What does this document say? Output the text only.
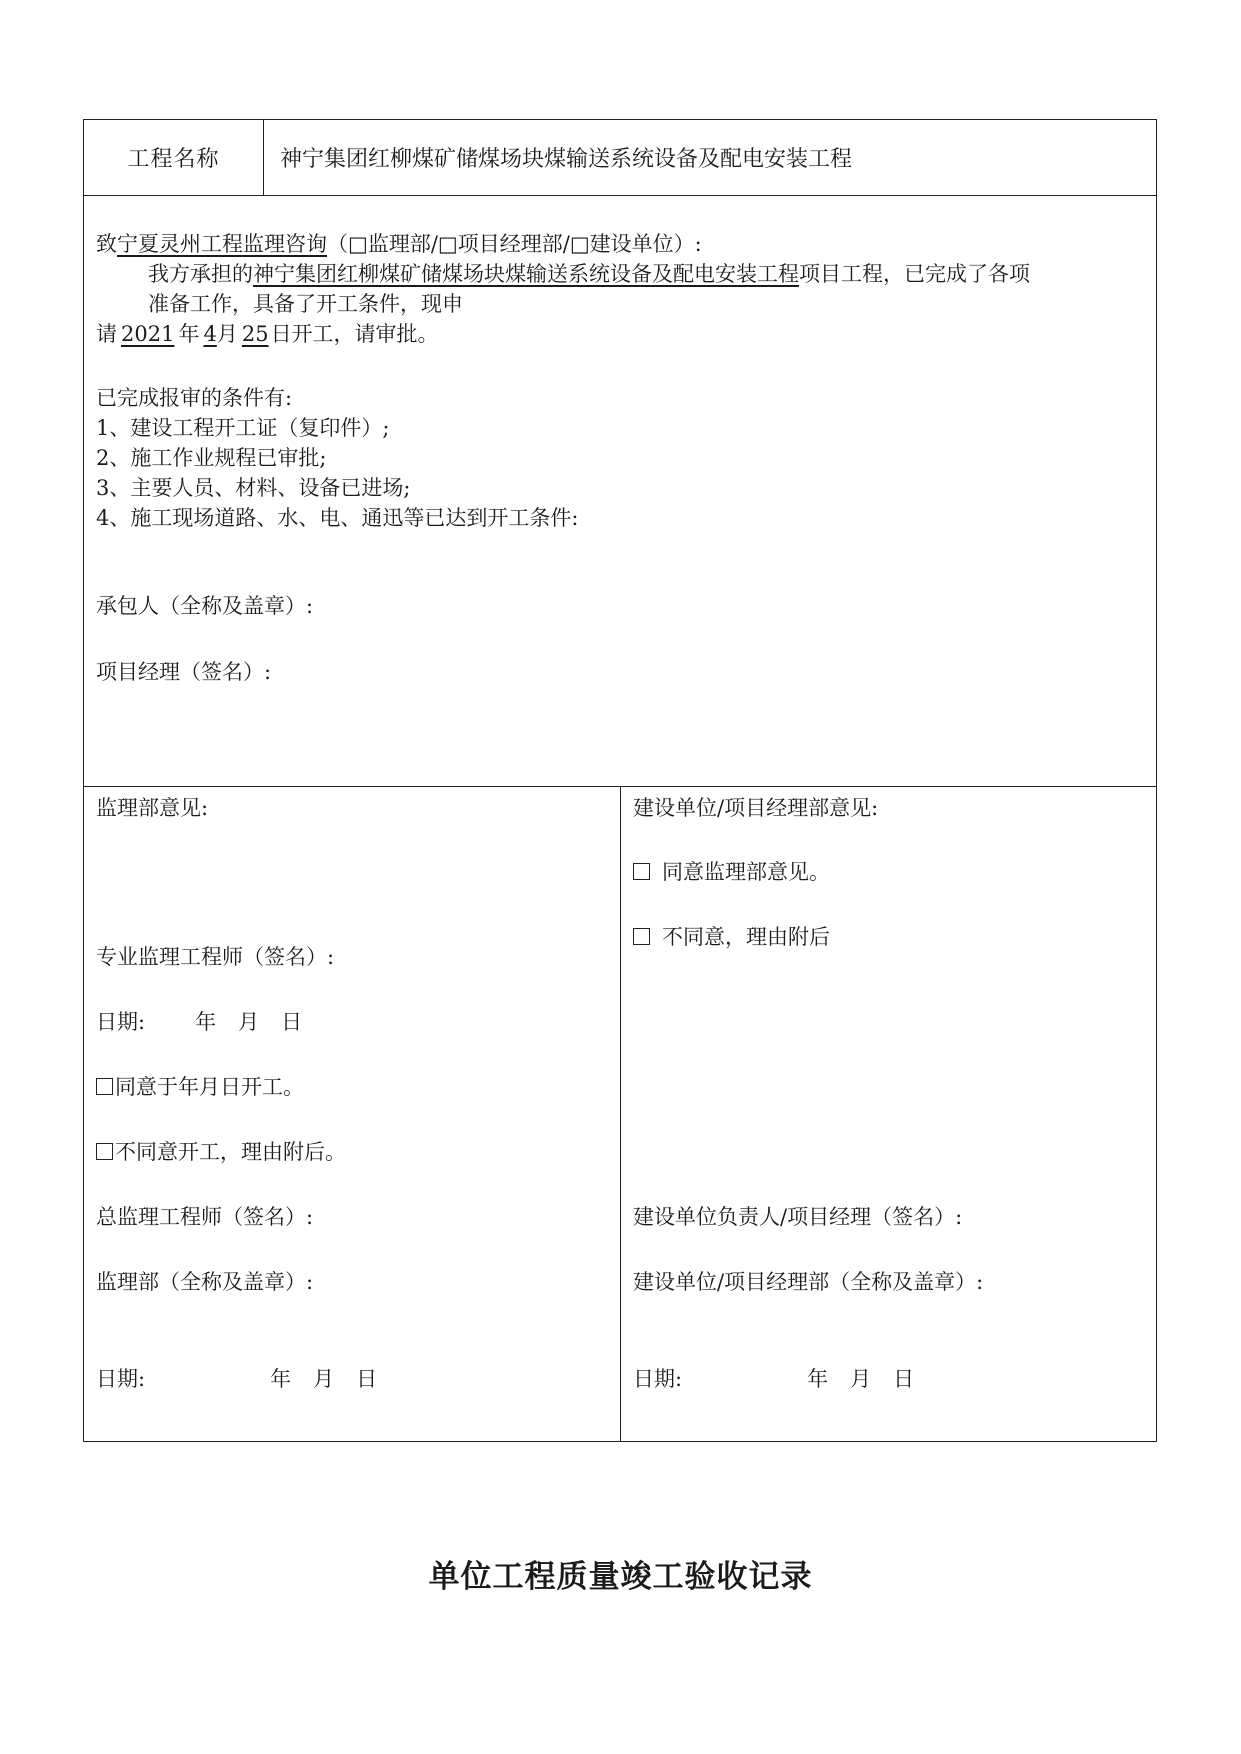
工程名称	神宁集团红柳煤矿储煤场块煤输送系统设备及配电安装工程
致宁夏灵州工程监理咨询（□监理部/□项目经理部/□建设单位）:
我方承担的神宁集团红柳煤矿储煤场块煤输送系统设备及配电安装工程项目工程，已完成了各项
准备工作，具备了开工条件，现申
请 2021 年 4月 25日开工，请审批。
已完成报审的条件有:
1、建设工程开工证（复印件）;
2、施工作业规程已审批;
3、主要人员、材料、设备已进场;
4、施工现场道路、水、电、通迅等已达到开工条件:
承包人（全称及盖章）:
项目经理（签名）:
监理部意见:
专业监理工程师（签名）:
日期: 年 月 日
同意于年月日开工。
不同意开工，理由附后。
总监理工程师（签名）:
监理部（全称及盖章）:
日期:	年 月 日
建设单位/项目经理部意见:
同意监理部意见。
不同意，理由附后
建设单位负责人/项目经理（签名）:
建设单位/项目经理部（全称及盖章）:
日期:	年 月 日
单位工程质量竣工验收记录
